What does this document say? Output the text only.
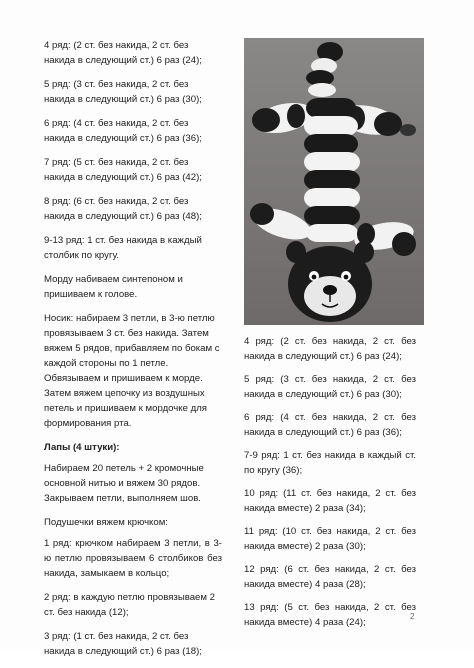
4 ряд: (2 ст. без накида, 2 ст. без накида в следующий ст.) 6 раз (24);

5 ряд: (3 ст. без накида, 2 ст. без накида в следующий ст.) 6 раз (30);

6 ряд: (4 ст. без накида, 2 ст. без накида в следующий ст.) 6 раз (36);

7 ряд: (5 ст. без накида, 2 ст. без накида в следующий ст.) 6 раз (42);

8 ряд: (6 ст. без накида, 2 ст. без накида в следующий ст.) 6 раз (48);

9-13 ряд: 1 ст. без накида в каждый столбик по кругу.

Мордy набиваем синтепоном и пришиваем к голове.

Носик: набираем 3 петли, в 3-ю петлю провязываем 3 ст. без накида. Затем вяжем 5 рядов, прибавляем по бокам с каждой стороны по 1 петле. Обвязываем и пришиваем к морде. Затем вяжем цепочку из воздушных петель и пришиваем к мордочке для формирования рта.

Лапы (4 штуки):

Набираем 20 петель + 2 кромочные основной нитью и вяжем 30 рядов. Закрываем петли, выполняем шов.

Подушечки вяжем крючком:

1 ряд: крючком набираем 3 петли, в 3-ю петлю провязываем 6 столбиков без накида, замыкаем в кольцо;

2 ряд: в каждую петлю провязываем 2 ст. без накида (12);

3 ряд: (1 ст. без накида, 2 ст. без накида в следующий ст.) 6 раз (18);

4 ряд: (2 ст. без накида, 2 ст. без накида в следующий ст.) 6 раз (24);

5 ряд: (3 ст. без накида, 2 ст. без накида в следующий ст.) 6 раз (30);

6 ряд: (4 ст. без накида, 2 ст. без накида в следующий ст.) 6 раз (36);

7-9 ряд: 1 ст. без накида в каждый ст. по кругу (36);

10 ряд: (11 ст. без накида, 2 ст. без накида вместе) 2 раза (34);

11 ряд: (10 ст. без накида, 2 ст. без накида вместе) 2 раза (30);

12 ряд: (6 ст. без накида, 2 ст. без накида вместе) 4 раза (28);

13 ряд: (5 ст. без накида, 2 ст. без накида вместе) 4 раза (24);

2
